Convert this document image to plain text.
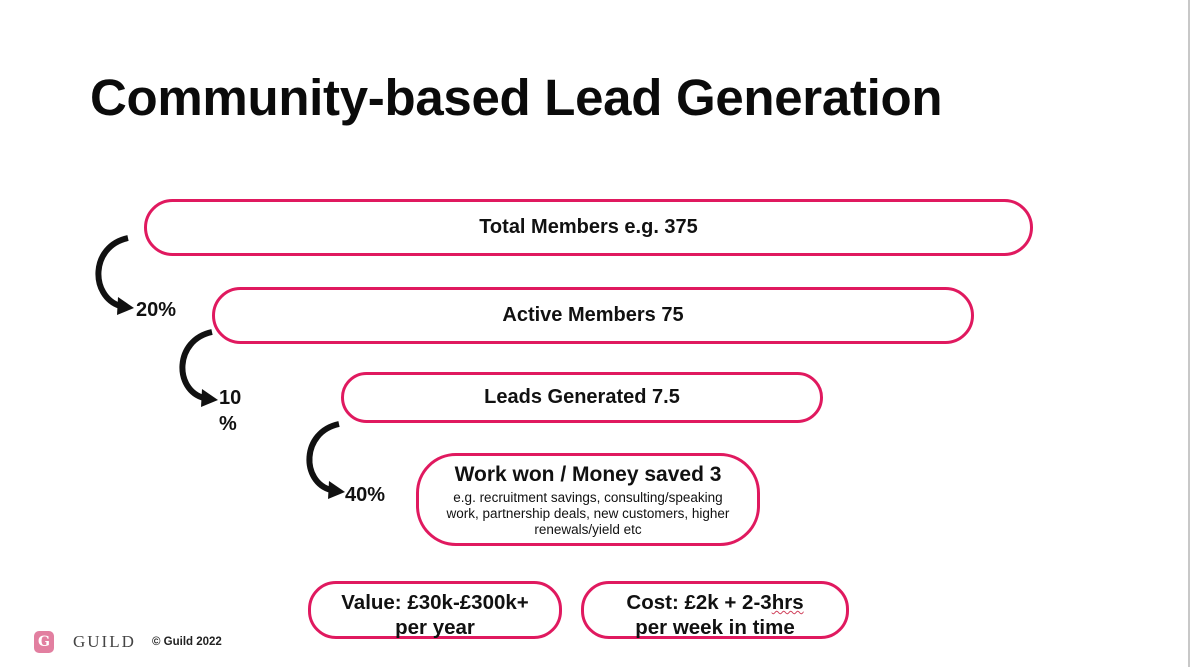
Community-based Lead Generation
Total Members e.g. 375
Active Members 75
Leads Generated 7.5
Work won / Money saved 3
e.g. recruitment savings, consulting/speaking work, partnership deals, new customers, higher renewals/yield etc
20%
10
%
40%
Value: £30k-£300k+
per year
Cost: £2k + 2-3hrs
per week in time
G GUILD © Guild 2022
